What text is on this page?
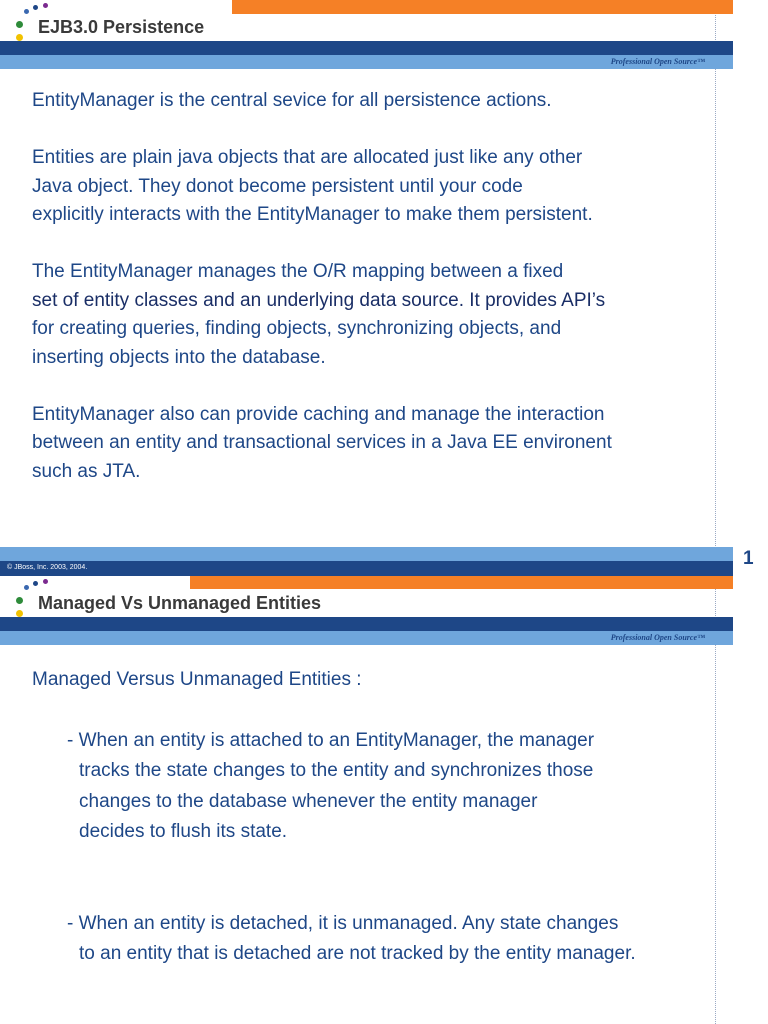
EJB3.0 Persistence
Professional Open Source™

EntityManager is the central sevice for all persistence actions.

Entities are plain java objects that are allocated just like any other

Java object. They donot become persistent until your code

explicitly interacts with the EntityManager to make them persistent.

The EntityManager manages the O/R mapping between a fixed

set of entity classes and an underlying data source. It provides API’s

for creating queries, finding objects, synchronizing objects, and

inserting objects into the database.

EntityManager also can provide caching and manage the interaction

between an entity and transactional services in a Java EE environent

such as JTA.

© JBoss, Inc. 2003, 2004.	1
Managed Vs Unmanaged Entities
Professional Open Source™

Managed Versus Unmanaged Entities :

- When an entity is attached to an EntityManager, the manager

tracks the state changes to the entity and synchronizes those

changes to the database whenever the entity manager

decides to flush its state.

- When an entity is detached, it is unmanaged. Any state changes

to an entity that is detached are not tracked by the entity manager.
